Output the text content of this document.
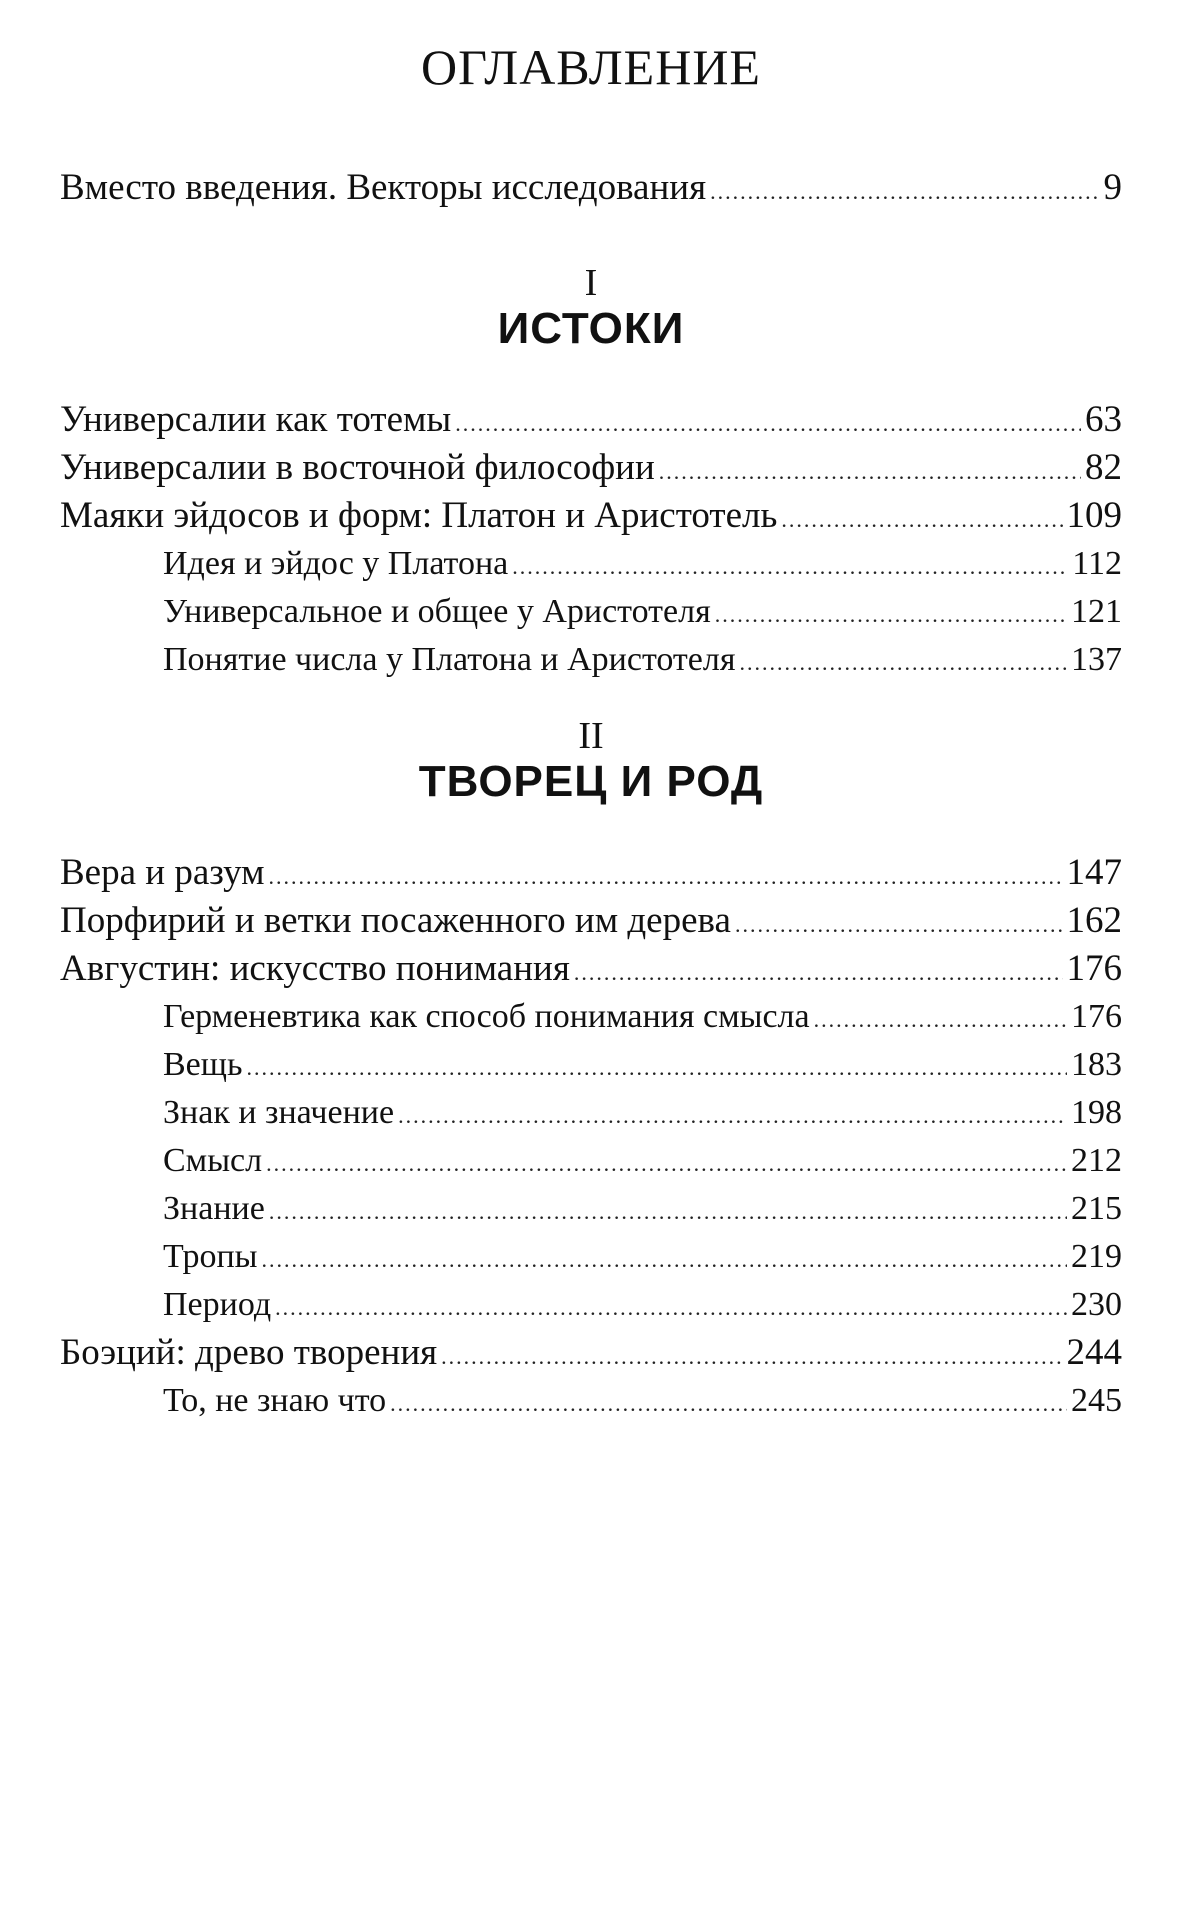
ОГЛАВЛЕНИЕ
Вместо введения. Векторы исследования .....	9
I
ИСТОКИ
Универсалии как тотемы .....	63
Универсалии в восточной философии .....	82
Маяки эйдосов и форм: Платон и Аристотель .....	109
Идея и эйдос у Платона .....	112
Универсальное и общее у Аристотеля .....	121
Понятие числа у Платона и Аристотеля .....	137
II
ТВОРЕЦ И РОД
Вера и разум .....	147
Порфирий и ветки посаженного им дерева .....	162
Августин: искусство понимания .....	176
Герменевтика как способ понимания смысла .....	176
Вещь .....	183
Знак и значение .....	198
Смысл .....	212
Знание .....	215
Тропы .....	219
Период .....	230
Боэций: древо творения .....	244
То, не знаю что .....	245
